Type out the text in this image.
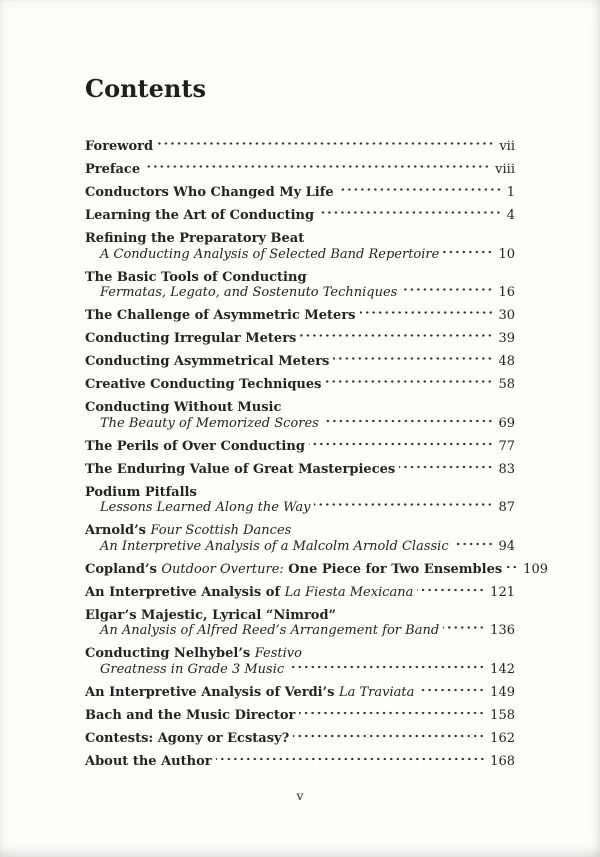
Contents
Foreword	vii
Preface	viii
Conductors Who Changed My Life	1
Learning the Art of Conducting	4
Refining the Preparatory Beat
A Conducting Analysis of Selected Band Repertoire	10
The Basic Tools of Conducting
Fermatas, Legato, and Sostenuto Techniques	16
The Challenge of Asymmetric Meters	30
Conducting Irregular Meters	39
Conducting Asymmetrical Meters	48
Creative Conducting Techniques	58
Conducting Without Music
The Beauty of Memorized Scores	69
The Perils of Over Conducting	77
The Enduring Value of Great Masterpieces	83
Podium Pitfalls
Lessons Learned Along the Way	87
Arnold’s Four Scottish Dances
An Interpretive Analysis of a Malcolm Arnold Classic	94
Copland’s Outdoor Overture: One Piece for Two Ensembles 109
An Interpretive Analysis of La Fiesta Mexicana	121
Elgar’s Majestic, Lyrical “Nimrod”
An Analysis of Alfred Reed’s Arrangement for Band	136
Conducting Nelhybel’s Festivo
Greatness in Grade 3 Music	142
An Interpretive Analysis of Verdi’s La Traviata	149
Bach and the Music Director	158
Contests: Agony or Ecstasy?	162
About the Author	168
v
